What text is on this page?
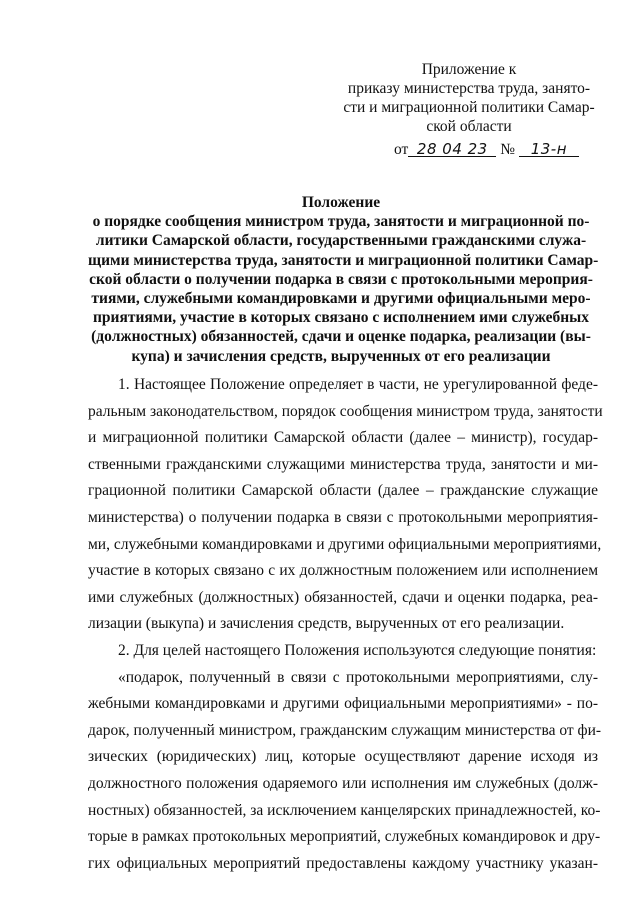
Приложение к
приказу министерства труда, занято-
сти и миграционной политики Самар-
ской области
от 28 04 23 № 13-н
Положение
о порядке сообщения министром труда, занятости и миграционной по-
литики Самарской области, государственными гражданскими служа-
щими министерства труда, занятости и миграционной политики Самар-
ской области о получении подарка в связи с протокольными мероприя-
тиями, служебными командировками и другими официальными меро-
приятиями, участие в которых связано с исполнением ими служебных
(должностных) обязанностей, сдачи и оценке подарка, реализации (вы-
купа) и зачисления средств, вырученных от его реализации
1. Настоящее Положение определяет в части, не урегулированной феде-
ральным законодательством, порядок сообщения министром труда, занятости
и миграционной политики Самарской области (далее – министр), государ-
ственными гражданскими служащими министерства труда, занятости и ми-
грационной политики Самарской области (далее – гражданские служащие
министерства) о получении подарка в связи с протокольными мероприятия-
ми, служебными командировками и другими официальными мероприятиями,
участие в которых связано с их должностным положением или исполнением
ими служебных (должностных) обязанностей, сдачи и оценки подарка, реа-
лизации (выкупа) и зачисления средств, вырученных от его реализации.
2. Для целей настоящего Положения используются следующие понятия:
«подарок, полученный в связи с протокольными мероприятиями, слу-
жебными командировками и другими официальными мероприятиями» - по-
дарок, полученный министром, гражданским служащим министерства от фи-
зических (юридических) лиц, которые осуществляют дарение исходя из
должностного положения одаряемого или исполнения им служебных (долж-
ностных) обязанностей, за исключением канцелярских принадлежностей, ко-
торые в рамках протокольных мероприятий, служебных командировок и дру-
гих официальных мероприятий предоставлены каждому участнику указан-
